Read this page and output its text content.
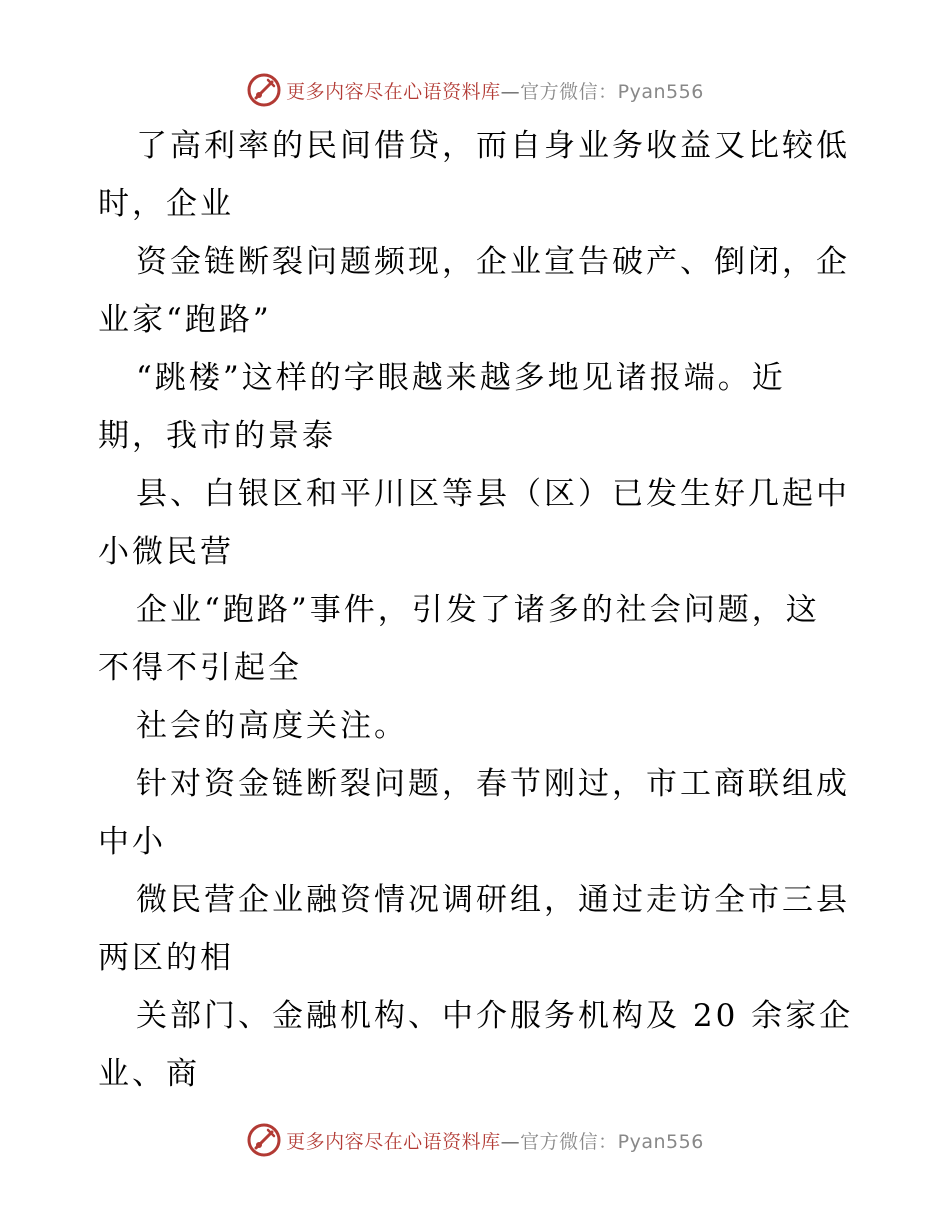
更多内容尽在心语资料库—官方微信：Pyan556
了高利率的民间借贷，而自身业务收益又比较低
时，企业
资金链断裂问题频现，企业宣告破产、倒闭，企
业家“跑路”
“跳楼”这样的字眼越来越多地见诸报端。近
期，我市的景泰
县、白银区和平川区等县（区）已发生好几起中
小微民营
企业“跑路”事件，引发了诸多的社会问题，这
不得不引起全
社会的高度关注。
针对资金链断裂问题，春节刚过，市工商联组成
中小
微民营企业融资情况调研组，通过走访全市三县
两区的相
关部门、金融机构、中介服务机构及 20 余家企
业、商
更多内容尽在心语资料库—官方微信：Pyan556
